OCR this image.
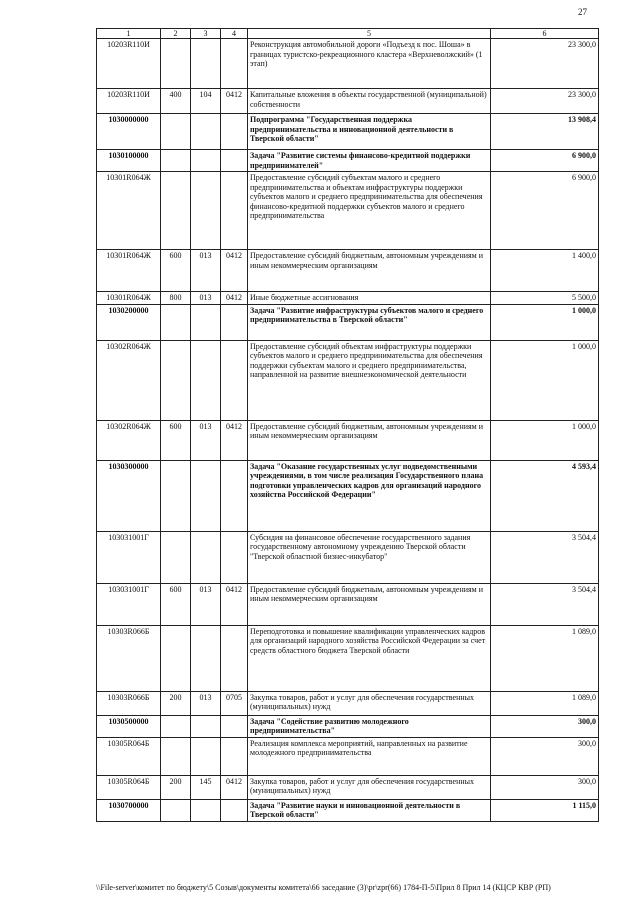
27
1	2	3	4	5	6
10203R110И				Реконструкция автомобильной дороги «Подъезд к пос. Шоша» в границах туристско-рекреационного кластера «Верхневолжский» (1 этап)	23 300,0
10203R110И	400	104	0412	Капитальные вложения в объекты государственной (муниципальной) собственности	23 300,0
1030000000				Подпрограмма "Государственная поддержка предпринимательства и инновационной деятельности в Тверской области"	13 908,4
1030100000				Задача "Развитие системы финансово-кредитной поддержки предпринимателей"	6 900,0
10301R064Ж				Предоставление субсидий субъектам малого и среднего предпринимательства и объектам инфраструктуры поддержки субъектов малого и среднего предпринимательства для обеспечения финансово-кредитной поддержки субъектов малого и среднего предпринимательства	6 900,0
10301R064Ж	600	013	0412	Предоставление субсидий бюджетным, автономным учреждениям и иным некоммерческим организациям	1 400,0
10301R064Ж	800	013	0412	Иные бюджетные ассигнования	5 500,0
1030200000				Задача "Развитие инфраструктуры субъектов малого и среднего предпринимательства в Тверской области"	1 000,0
10302R064Ж				Предоставление субсидий объектам инфраструктуры поддержки субъектов малого и среднего предпринимательства для обеспечения поддержки субъектам малого и среднего предпринимательства, направленной на развитие внешнеэкономической деятельности	1 000,0
10302R064Ж	600	013	0412	Предоставление субсидий бюджетным, автономным учреждениям и иным некоммерческим организациям	1 000,0
1030300000				Задача "Оказание государственных услуг подведомственными учреждениями, в том числе реализация Государственного плана подготовки управленческих кадров для организаций народного хозяйства Российской Федерации"	4 593,4
103031001Г				Субсидия на финансовое обеспечение государственного задания государственному автономному учреждению Тверской области "Тверской областной бизнес-инкубатор"	3 504,4
103031001Г	600	013	0412	Предоставление субсидий бюджетным, автономным учреждениям и иным некоммерческим организациям	3 504,4
10303R066Б				Переподготовка и повышение квалификации управленческих кадров для организаций народного хозяйства Российской Федерации за счет средств областного бюджета Тверской области	1 089,0
10303R066Б	200	013	0705	Закупка товаров, работ и услуг для обеспечения государственных (муниципальных) нужд	1 089,0
1030500000				Задача "Содействие развитию молодежного предпринимательства"	300,0
10305R064Б				Реализация комплекса мероприятий, направленных на развитие молодежного предпринимательства	300,0
10305R064Б	200	145	0412	Закупка товаров, работ и услуг для обеспечения государственных (муниципальных) нужд	300,0
1030700000				Задача "Развитие науки и инновационной деятельности в Тверской области"	1 115,0
\\File-server\комитет по бюджету\5 Созыв\документы комитета\66 заседание (3)\pr\zpr(66) 1784-П-5\Прил 8 Прил 14 (КЦСР КВР (РП)
